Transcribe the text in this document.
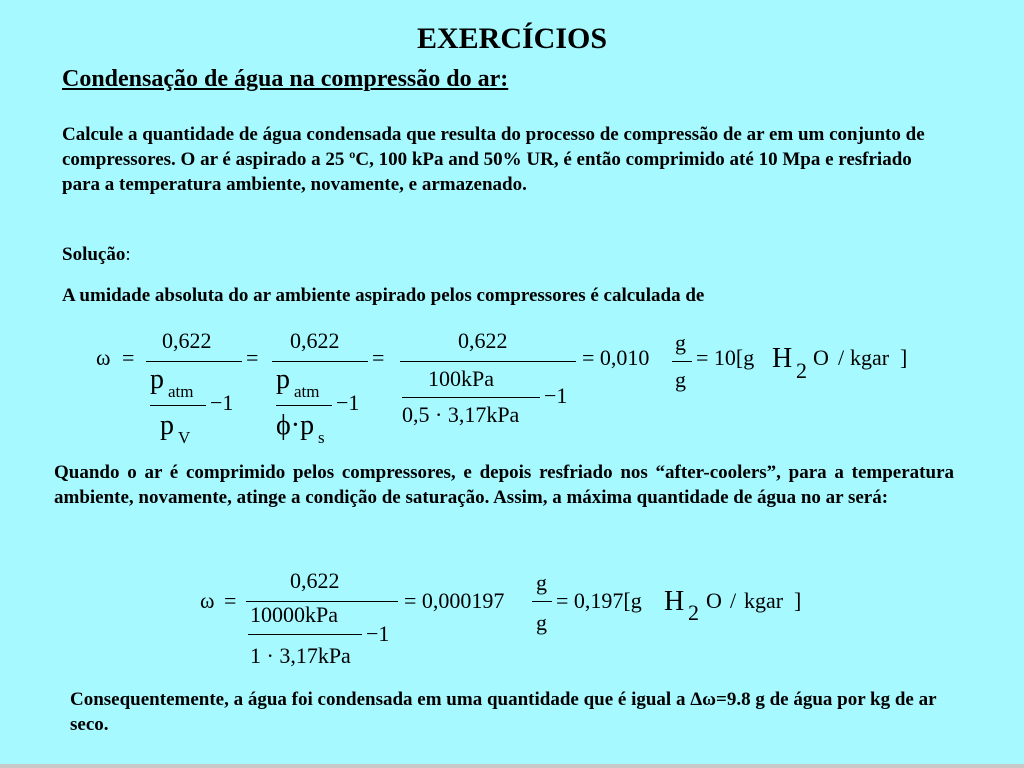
EXERCÍCIOS
Condensação de água na compressão do ar:
Calcule a quantidade de água condensada que resulta do processo de compressão de ar em um conjunto de compressores. O ar é aspirado a 25 ºC, 100 kPa and 50% UR, é então comprimido até 10 Mpa e resfriado para a temperatura ambiente, novamente, e armazenado.
Solução:
A umidade absoluta do ar ambiente aspirado pelos compressores é calculada de
ω =
0,622
p atm −1
p V
=
0,622
p atm −1
ϕ·p s
=
0,622
100kPa
−1
0,5 · 3,17kPa
= 0,010
g
g
= 10[g H 2
O / kgar ]
Quando o ar é comprimido pelos compressores, e depois resfriado nos “after-coolers”, para a temperatura ambiente, novamente, atinge a condição de saturação. Assim, a máxima quantidade de água no ar será:
ω =
0,622
10000kPa
−1
1 · 3,17kPa
= 0,000197
g
g
= 0,197[g H 2 O / kgar ]
Consequentemente, a água foi condensada em uma quantidade que é igual a Δω=9.8 g de água por kg de ar seco.
